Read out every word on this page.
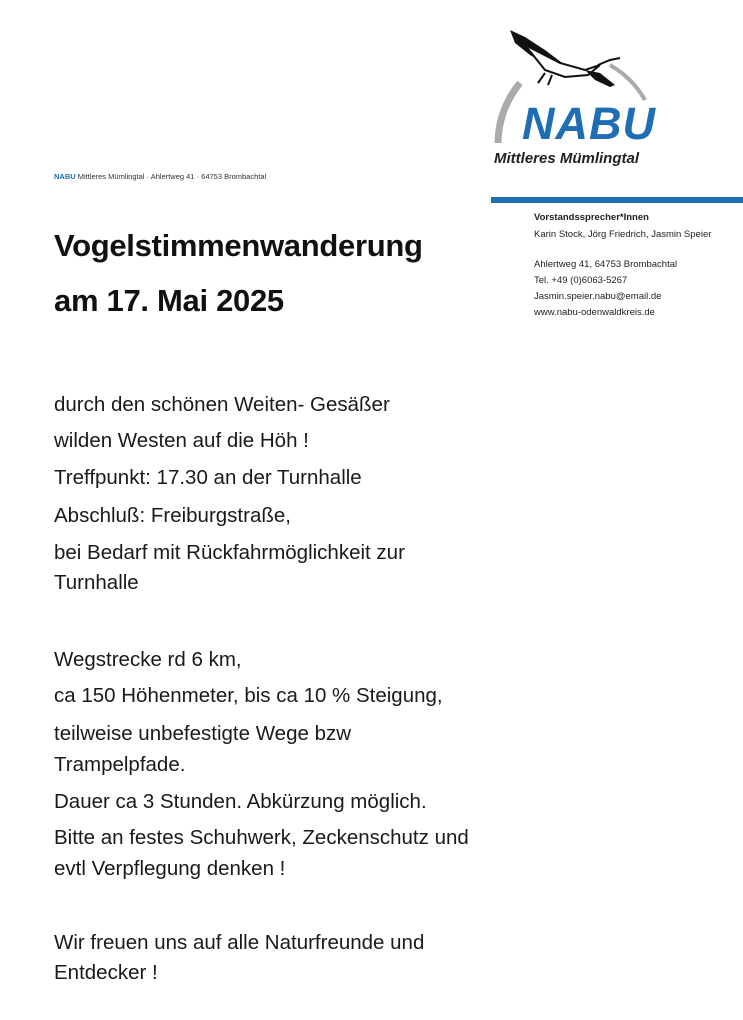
NABU
Mittleres Mümlingtal
NABU Mittleres Mümlingtal · Ahlertweg 41 · 64753 Brombachtal
Vorstandssprecher*Innen
Karin Stock, Jörg Friedrich, Jasmin Speier
Ahlertweg 41, 64753 Brombachtal
Tel. +49 (0)6063-5267
Jasmin.speier.nabu@email.de
www.nabu-odenwaldkreis.de
Vogelstimmenwanderung
am 17. Mai 2025
durch den schönen Weiten- Gesäßer
wilden Westen auf die Höh !
Treffpunkt: 17.30 an der Turnhalle
Abschluß: Freiburgstraße,
bei Bedarf mit Rückfahrmöglichkeit zur
Turnhalle
Wegstrecke rd 6 km,
ca 150 Höhenmeter, bis ca 10 % Steigung,
teilweise unbefestigte Wege bzw
Trampelpfade.
Dauer ca 3 Stunden. Abkürzung möglich.
Bitte an festes Schuhwerk, Zeckenschutz und
evtl Verpflegung denken !
Wir freuen uns auf alle Naturfreunde und
Entdecker !
